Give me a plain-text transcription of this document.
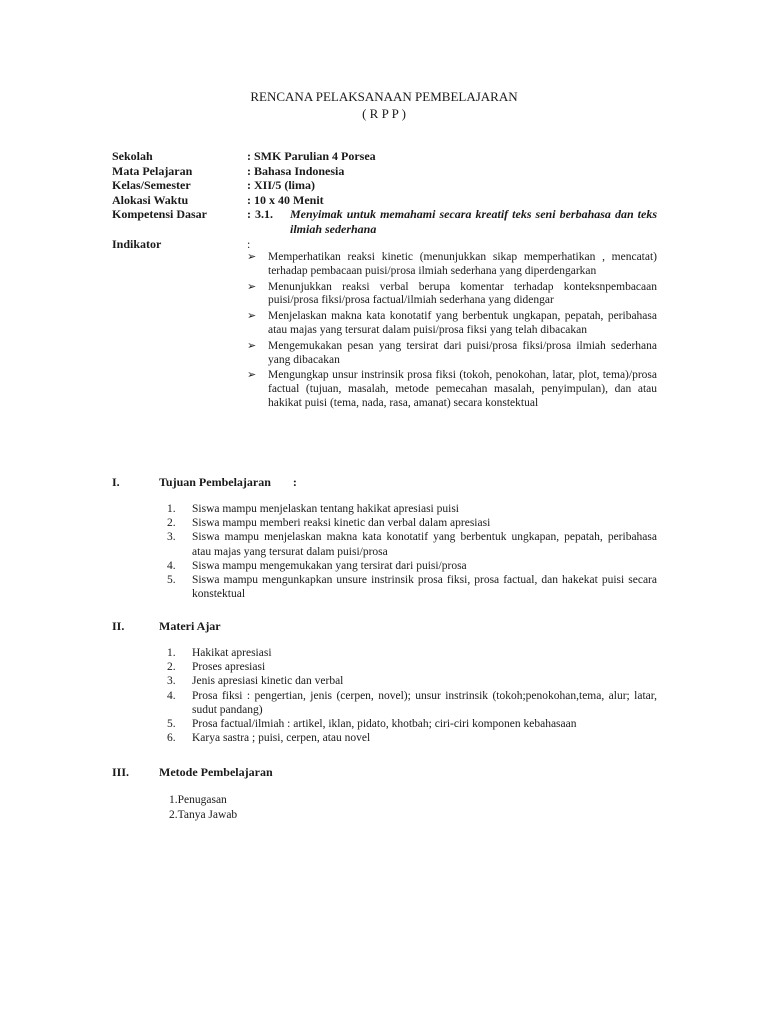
RENCANA PELAKSANAAN PEMBELAJARAN
( R P P )
Sekolah	: SMK Parulian 4 Porsea
Mata Pelajaran	: Bahasa Indonesia
Kelas/Semester	: XII/5 (lima)
Alokasi Waktu	: 10 x 40 Menit
Kompetensi Dasar	: 3.1.	Menyimak untuk memahami secara kreatif teks seni berbahasa dan teks ilmiah sederhana
Indikator	:
➢	Memperhatikan reaksi kinetic (menunjukkan sikap memperhatikan , mencatat) terhadap pembacaan puisi/prosa ilmiah sederhana yang diperdengarkan
➢	Menunjukkan reaksi verbal berupa komentar terhadap konteksnpembacaan puisi/prosa fiksi/prosa factual/ilmiah sederhana yang didengar
➢	Menjelaskan makna kata konotatif yang berbentuk ungkapan, pepatah, peribahasa atau majas yang tersurat dalam puisi/prosa fiksi yang telah dibacakan
➢	Mengemukakan pesan yang tersirat dari puisi/prosa fiksi/prosa ilmiah sederhana yang dibacakan
➢	Mengungkap unsur instrinsik prosa fiksi (tokoh, penokohan, latar, plot, tema)/prosa factual (tujuan, masalah, metode pemecahan masalah, penyimpulan), dan atau hakikat puisi (tema, nada, rasa, amanat) secara konstektual
I.	Tujuan Pembelajaran :
1.	Siswa mampu menjelaskan tentang hakikat apresiasi puisi
2.	Siswa mampu memberi reaksi kinetic dan verbal dalam apresiasi
3.	Siswa mampu menjelaskan makna kata konotatif yang berbentuk ungkapan, pepatah, peribahasa atau majas yang tersurat dalam puisi/prosa
4.	Siswa mampu mengemukakan yang tersirat dari puisi/prosa
5.	Siswa mampu mengunkapkan unsure instrinsik prosa fiksi, prosa factual, dan hakekat puisi secara konstektual
II.	Materi Ajar
1.	Hakikat apresiasi
2.	Proses apresiasi
3.	Jenis apresiasi kinetic dan verbal
4.	Prosa fiksi : pengertian, jenis (cerpen, novel); unsur instrinsik (tokoh;penokohan,tema, alur; latar, sudut pandang)
5.	Prosa factual/ilmiah : artikel, iklan, pidato, khotbah; ciri-ciri komponen kebahasaan
6.	Karya sastra ; puisi, cerpen, atau novel
III.	Metode Pembelajaran
1.Penugasan
2.Tanya Jawab
